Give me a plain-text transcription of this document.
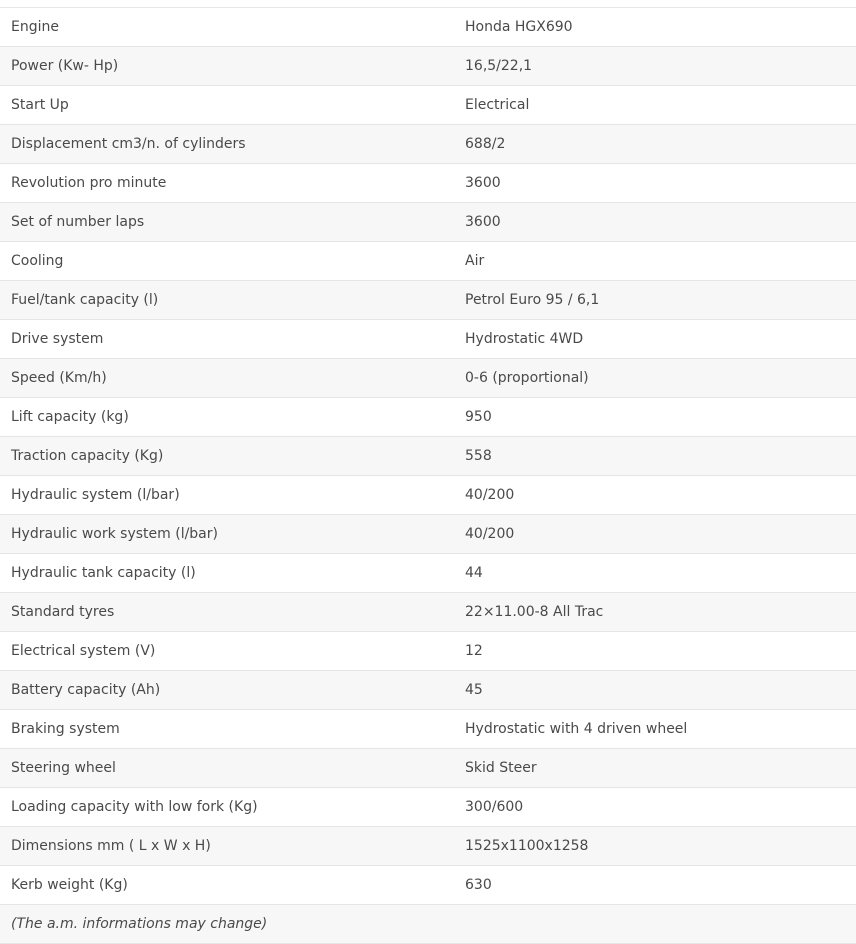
Engine	Honda HGX690
Power (Kw- Hp)	16,5/22,1
Start Up	Electrical
Displacement cm3/n. of cylinders	688/2
Revolution pro minute	3600
Set of number laps	3600
Cooling	Air
Fuel/tank capacity (l)	Petrol Euro 95 / 6,1
Drive system	Hydrostatic 4WD
Speed (Km/h)	0-6 (proportional)
Lift capacity (kg)	950
Traction capacity (Kg)	558
Hydraulic system (l/bar)	40/200
Hydraulic work system (l/bar)	40/200
Hydraulic tank capacity (l)	44
Standard tyres	22×11.00-8 All Trac
Electrical system (V)	12
Battery capacity (Ah)	45
Braking system	Hydrostatic with 4 driven wheel
Steering wheel	Skid Steer
Loading capacity with low fork (Kg)	300/600
Dimensions mm ( L x W x H)	1525x1100x1258
Kerb weight (Kg)	630
(The a.m. informations may change)	
